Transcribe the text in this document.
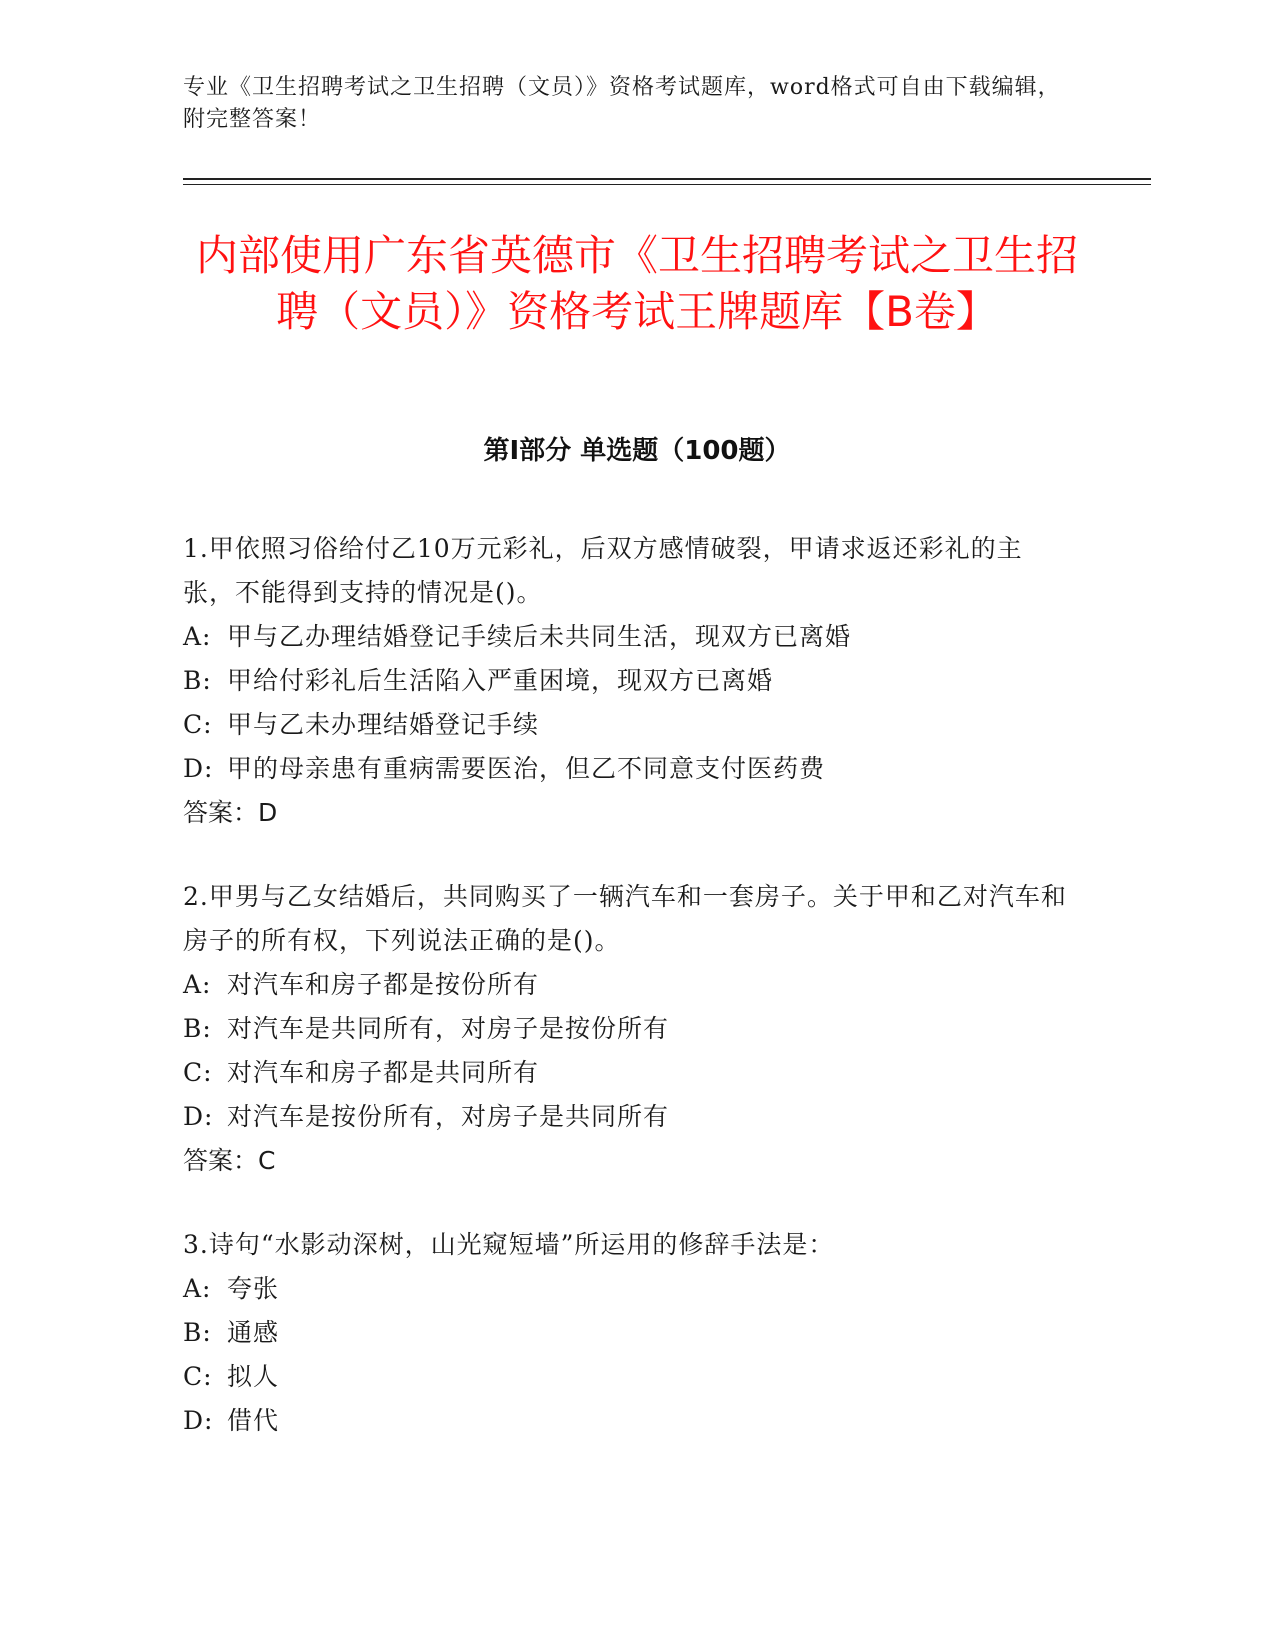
专业《卫生招聘考试之卫生招聘（文员）》资格考试题库，word格式可自由下载编辑，附完整答案！
内部使用广东省英德市《卫生招聘考试之卫生招聘（文员）》资格考试王牌题库【B卷】
第Ⅰ部分 单选题（100题）
1.甲依照习俗给付乙10万元彩礼，后双方感情破裂，甲请求返还彩礼的主张，不能得到支持的情况是()。
A: 甲与乙办理结婚登记手续后未共同生活，现双方已离婚
B: 甲给付彩礼后生活陷入严重困境，现双方已离婚
C: 甲与乙未办理结婚登记手续
D: 甲的母亲患有重病需要医治，但乙不同意支付医药费
答案：D
2.甲男与乙女结婚后，共同购买了一辆汽车和一套房子。关于甲和乙对汽车和房子的所有权，下列说法正确的是()。
A: 对汽车和房子都是按份所有
B: 对汽车是共同所有，对房子是按份所有
C: 对汽车和房子都是共同所有
D: 对汽车是按份所有，对房子是共同所有
答案：C
3.诗句“水影动深树，山光窥短墙”所运用的修辞手法是：
A: 夸张
B: 通感
C: 拟人
D: 借代
